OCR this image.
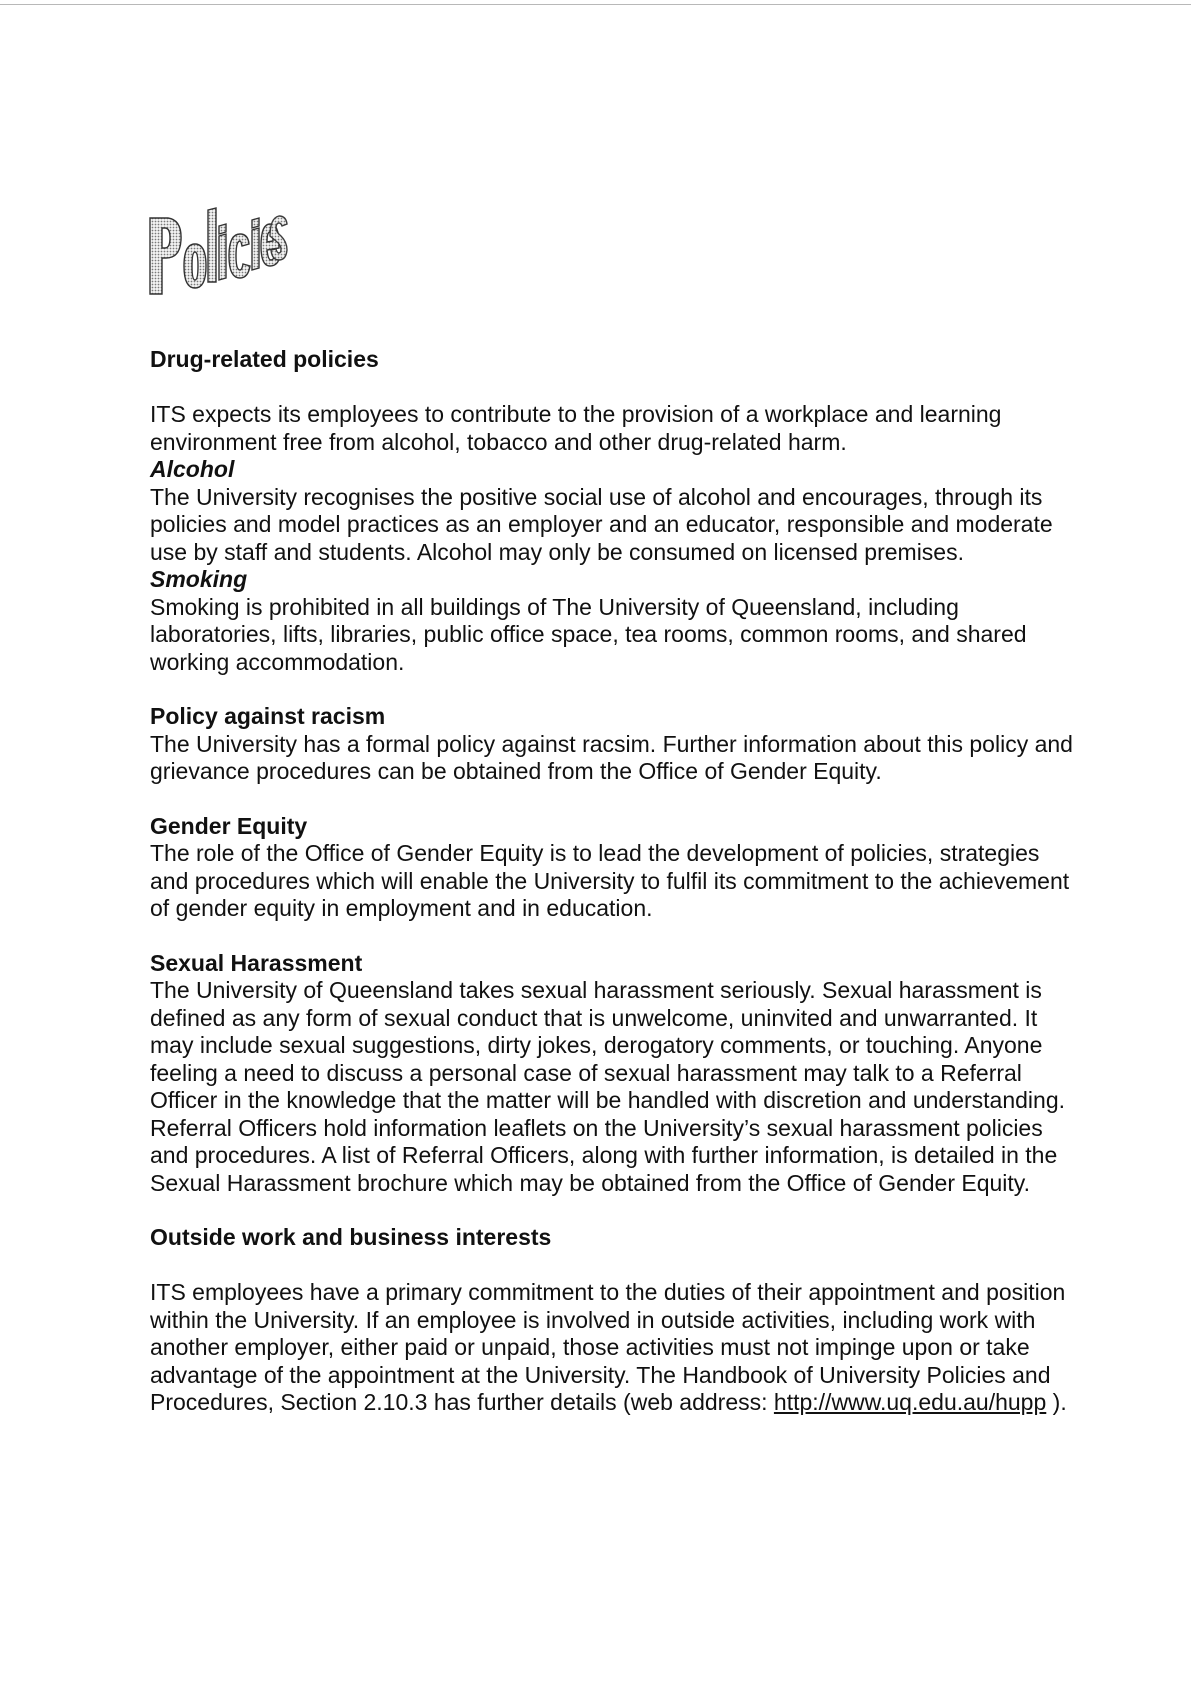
Drug-related policies

ITS expects its employees to contribute to the provision of a workplace and learning environment free from alcohol, tobacco and other drug-related harm.

Alcohol

The University recognises the positive social use of alcohol and encourages, through its policies and model practices as an employer and an educator, responsible and moderate use by staff and students. Alcohol may only be consumed on licensed premises.

Smoking

Smoking is prohibited in all buildings of The University of Queensland, including laboratories, lifts, libraries, public office space, tea rooms, common rooms, and shared working accommodation.

Policy against racism

The University has a formal policy against racsim. Further information about this policy and grievance procedures can be obtained from the Office of Gender Equity.

Gender Equity

The role of the Office of Gender Equity is to lead the development of policies, strategies and procedures which will enable the University to fulfil its commitment to the achievement of gender equity in employment and in education.

Sexual Harassment

The University of Queensland takes sexual harassment seriously. Sexual harassment is defined as any form of sexual conduct that is unwelcome, uninvited and unwarranted. It may include sexual suggestions, dirty jokes, derogatory comments, or touching. Anyone feeling a need to discuss a personal case of sexual harassment may talk to a Referral Officer in the knowledge that the matter will be handled with discretion and understanding. Referral Officers hold information leaflets on the University’s sexual harassment policies and procedures. A list of Referral Officers, along with further information, is detailed in the Sexual Harassment brochure which may be obtained from the Office of Gender Equity.

Outside work and business interests

ITS employees have a primary commitment to the duties of their appointment and position within the University. If an employee is involved in outside activities, including work with another employer, either paid or unpaid, those activities must not impinge upon or take advantage of the appointment at the University. The Handbook of University Policies and Procedures, Section 2.10.3 has further details (web address: http://www.uq.edu.au/hupp ).
